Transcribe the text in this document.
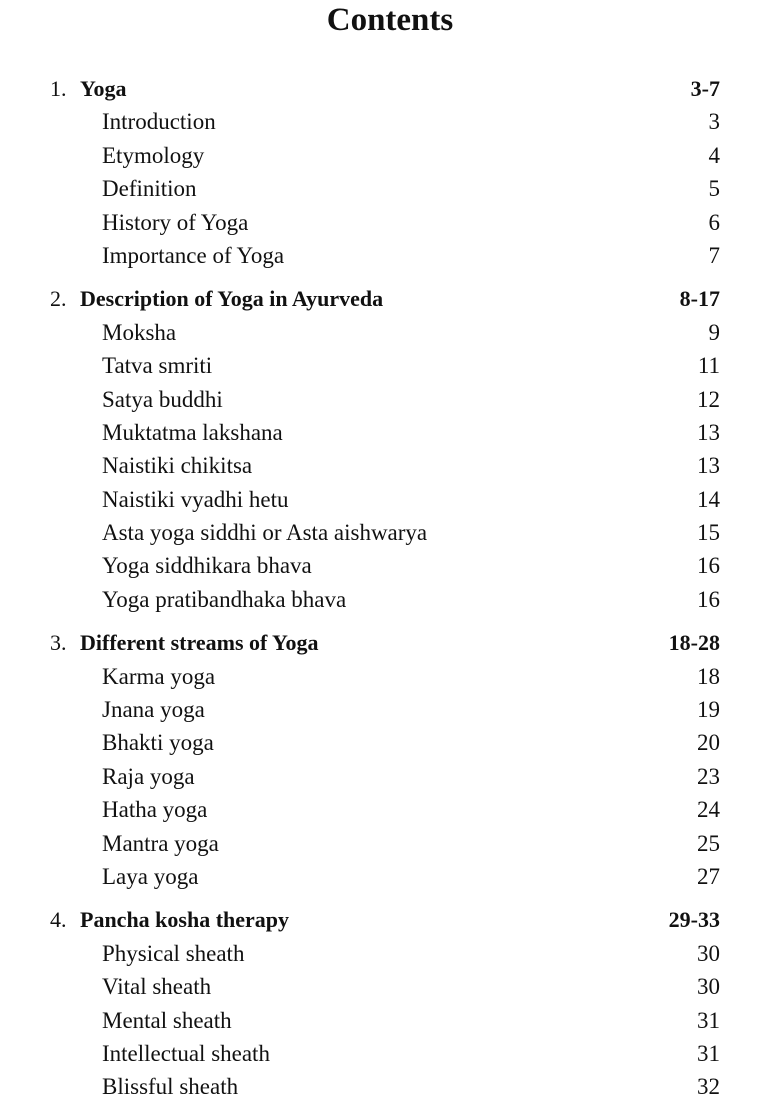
Contents
1. Yoga	3-7
Introduction	3
Etymology	4
Definition	5
History of Yoga	6
Importance of Yoga	7
2. Description of Yoga in Ayurveda	8-17
Moksha	9
Tatva smriti	11
Satya buddhi	12
Muktatma lakshana	13
Naistiki chikitsa	13
Naistiki vyadhi hetu	14
Asta yoga siddhi or Asta aishwarya	15
Yoga siddhikara bhava	16
Yoga pratibandhaka bhava	16
3. Different streams of Yoga	18-28
Karma yoga	18
Jnana yoga	19
Bhakti yoga	20
Raja yoga	23
Hatha yoga	24
Mantra yoga	25
Laya yoga	27
4. Pancha kosha therapy	29-33
Physical sheath	30
Vital sheath	30
Mental sheath	31
Intellectual sheath	31
Blissful sheath	32
